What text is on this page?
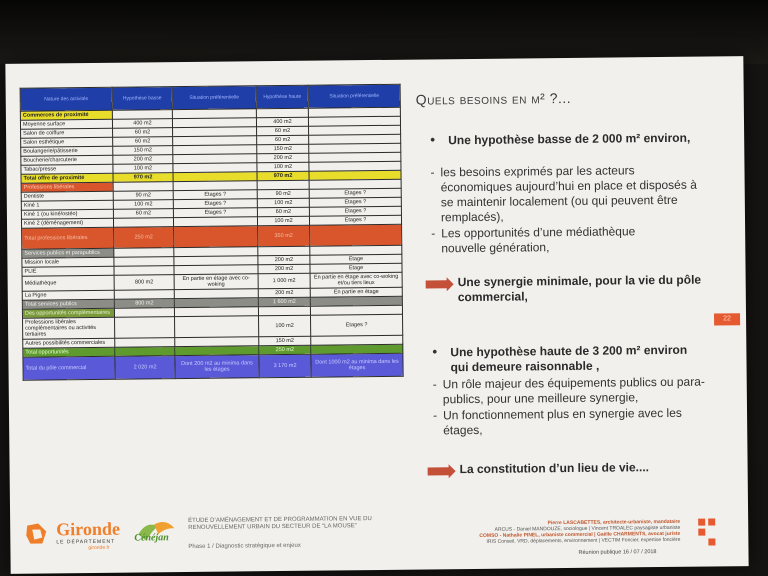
Nature des activités	Hypothèse basse	Situation préférentielle	Hypothèse haute	Situation préférentielle
Commerces de proximité				
Moyenne surface	400 m2		400 m2	
Salon de coiffure	60 m2		60 m2	
Salon esthétique	60 m2		60 m2	
Boulangerie/pâtisserie	150 m2		150 m2	
Boucherie/charcuterie	200 m2		200 m2	
Tabac/presse	100 m2		100 m2	
Total offre de proximité	970 m2		970 m2	
Professions libérales				
Dentiste	90 m2	Etages ?	90 m2	Etages ?
Kiné 1	100 m2	Etages ?	100 m2	Etages ?
Kiné 1 (ou kiné/ostéo)	60 m2	Etages ?	60 m2	Etages ?
Kiné 2 (déménagement)			100 m2	Etages ?
Total professions libérales	250 m2		350 m2	
Services publics et parapublics				
Mission locale			200 m2	Etage
PLIE			200 m2	Etage
Médiathèque	800 m2	En partie en étage avec co-woking	1 000 m2	En partie en étage avec co-woking et/ou tiers lieux
La Pigne			200 m2	En partie en étage
Total services publics	800 m2		1 600 m2	
Des opportunités complémentaires				
Professions libérales complémentaires ou activités tertiaires			100 m2	Etages ?
Autres possibilités commerciales			150 m2	
Total opportunités			250 m2	
Total du pôle commercial	2 020 m2	Dont 200 m2 au minima dans les étages	3 170 m2	Dont 1000 m2 au minima dans les étages
Quels besoins en m² ?...
• Une hypothèse basse de 2 000 m² environ,
- les besoins exprimés par les acteurs économiques aujourd’hui en place et disposés à se maintenir localement (ou qui peuvent être remplacés),
- Les opportunités d’une médiathèque nouvelle génération,
Une synergie minimale, pour la vie du pôle commercial,
22
• Une hypothèse haute de 3 200 m² environ qui demeure raisonnable ,
- Un rôle majeur des équipements publics ou para-publics, pour une meilleure synergie,
- Un fonctionnement plus en synergie avec les étages,
La constitution d’un lieu de vie....
Gironde
LE DÉPARTEMENT
gironde.fr
Cénéjan
ÉTUDE D’AMÉNAGEMENT ET DE PROGRAMMATION EN VUE DU RENOUVELLEMENT URBAIN DU SECTEUR DE “LA MOUSE”
Phase 1 / Diagnostic stratégique et enjeux
Pierre LASCABETTES, architecte-urbaniste, mandataire
ARCUS - Daniel MANDOUZE, sociologue | Vincent TROALEC paysagiste urbaniste
COMSO - Nathalie PINEL, urbaniste commercial | Gaëlle CHARMENTS, avocat juriste
IRIS Conseil, VRD, déplacements, environnement | VECTIM Foncier, expertise foncière
Réunion publique 16 / 07 / 2018
